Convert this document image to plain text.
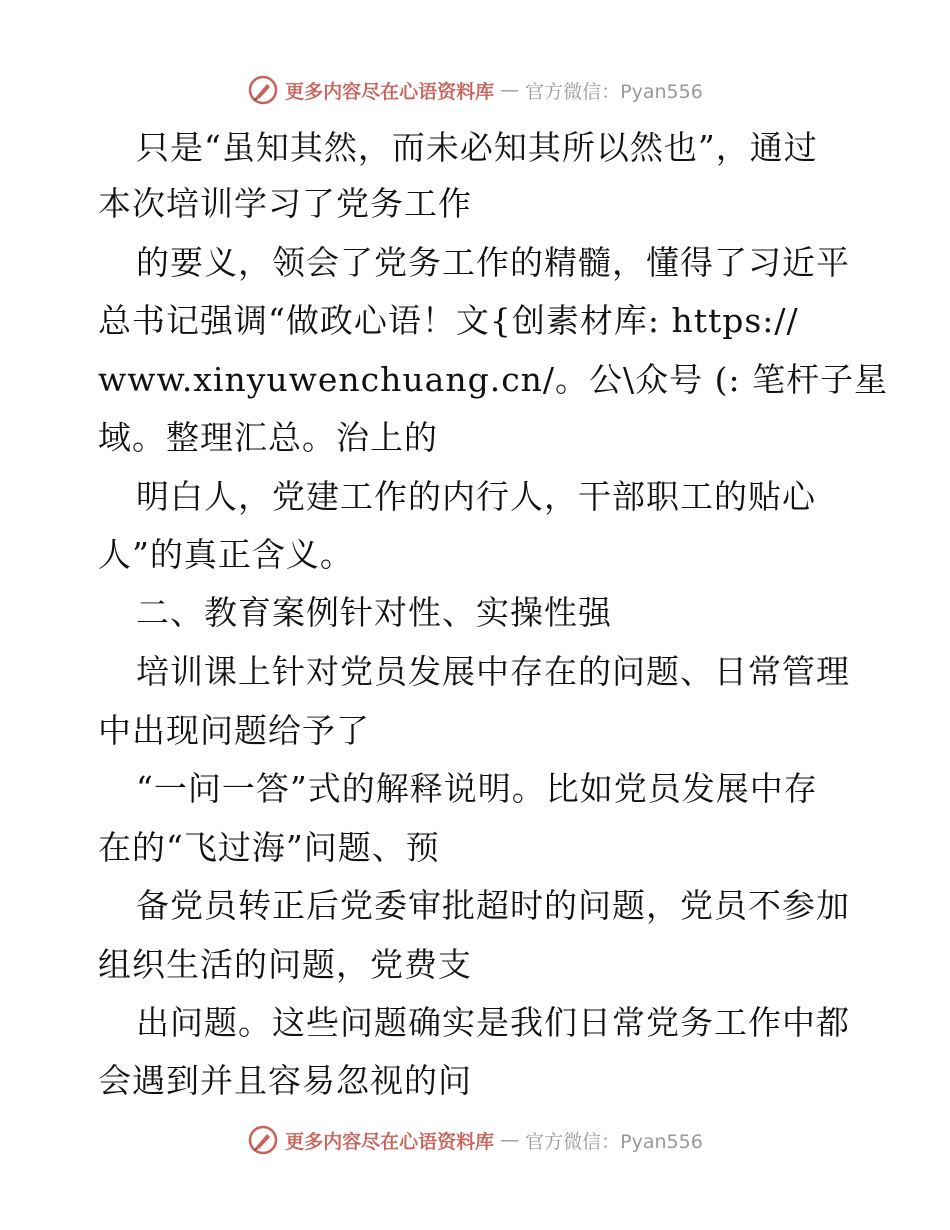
更多内容尽在心语资料库 — 官方微信：Pyan556
只是“虽知其然，而未必知其所以然也”，通过
本次培训学习了党务工作
的要义，领会了党务工作的精髓，懂得了习近平
总书记强调“做政心语！文{创素材库: https://
www.xinyuwenchuang.cn/。公\众号 (: 笔杆子星
域。整理汇总。治上的
明白人，党建工作的内行人，干部职工的贴心
人”的真正含义。
二、教育案例针对性、实操性强
培训课上针对党员发展中存在的问题、日常管理
中出现问题给予了
“一问一答”式的解释说明。比如党员发展中存
在的“飞过海”问题、预
备党员转正后党委审批超时的问题，党员不参加
组织生活的问题，党费支
出问题。这些问题确实是我们日常党务工作中都
会遇到并且容易忽视的问
更多内容尽在心语资料库 — 官方微信：Pyan556
